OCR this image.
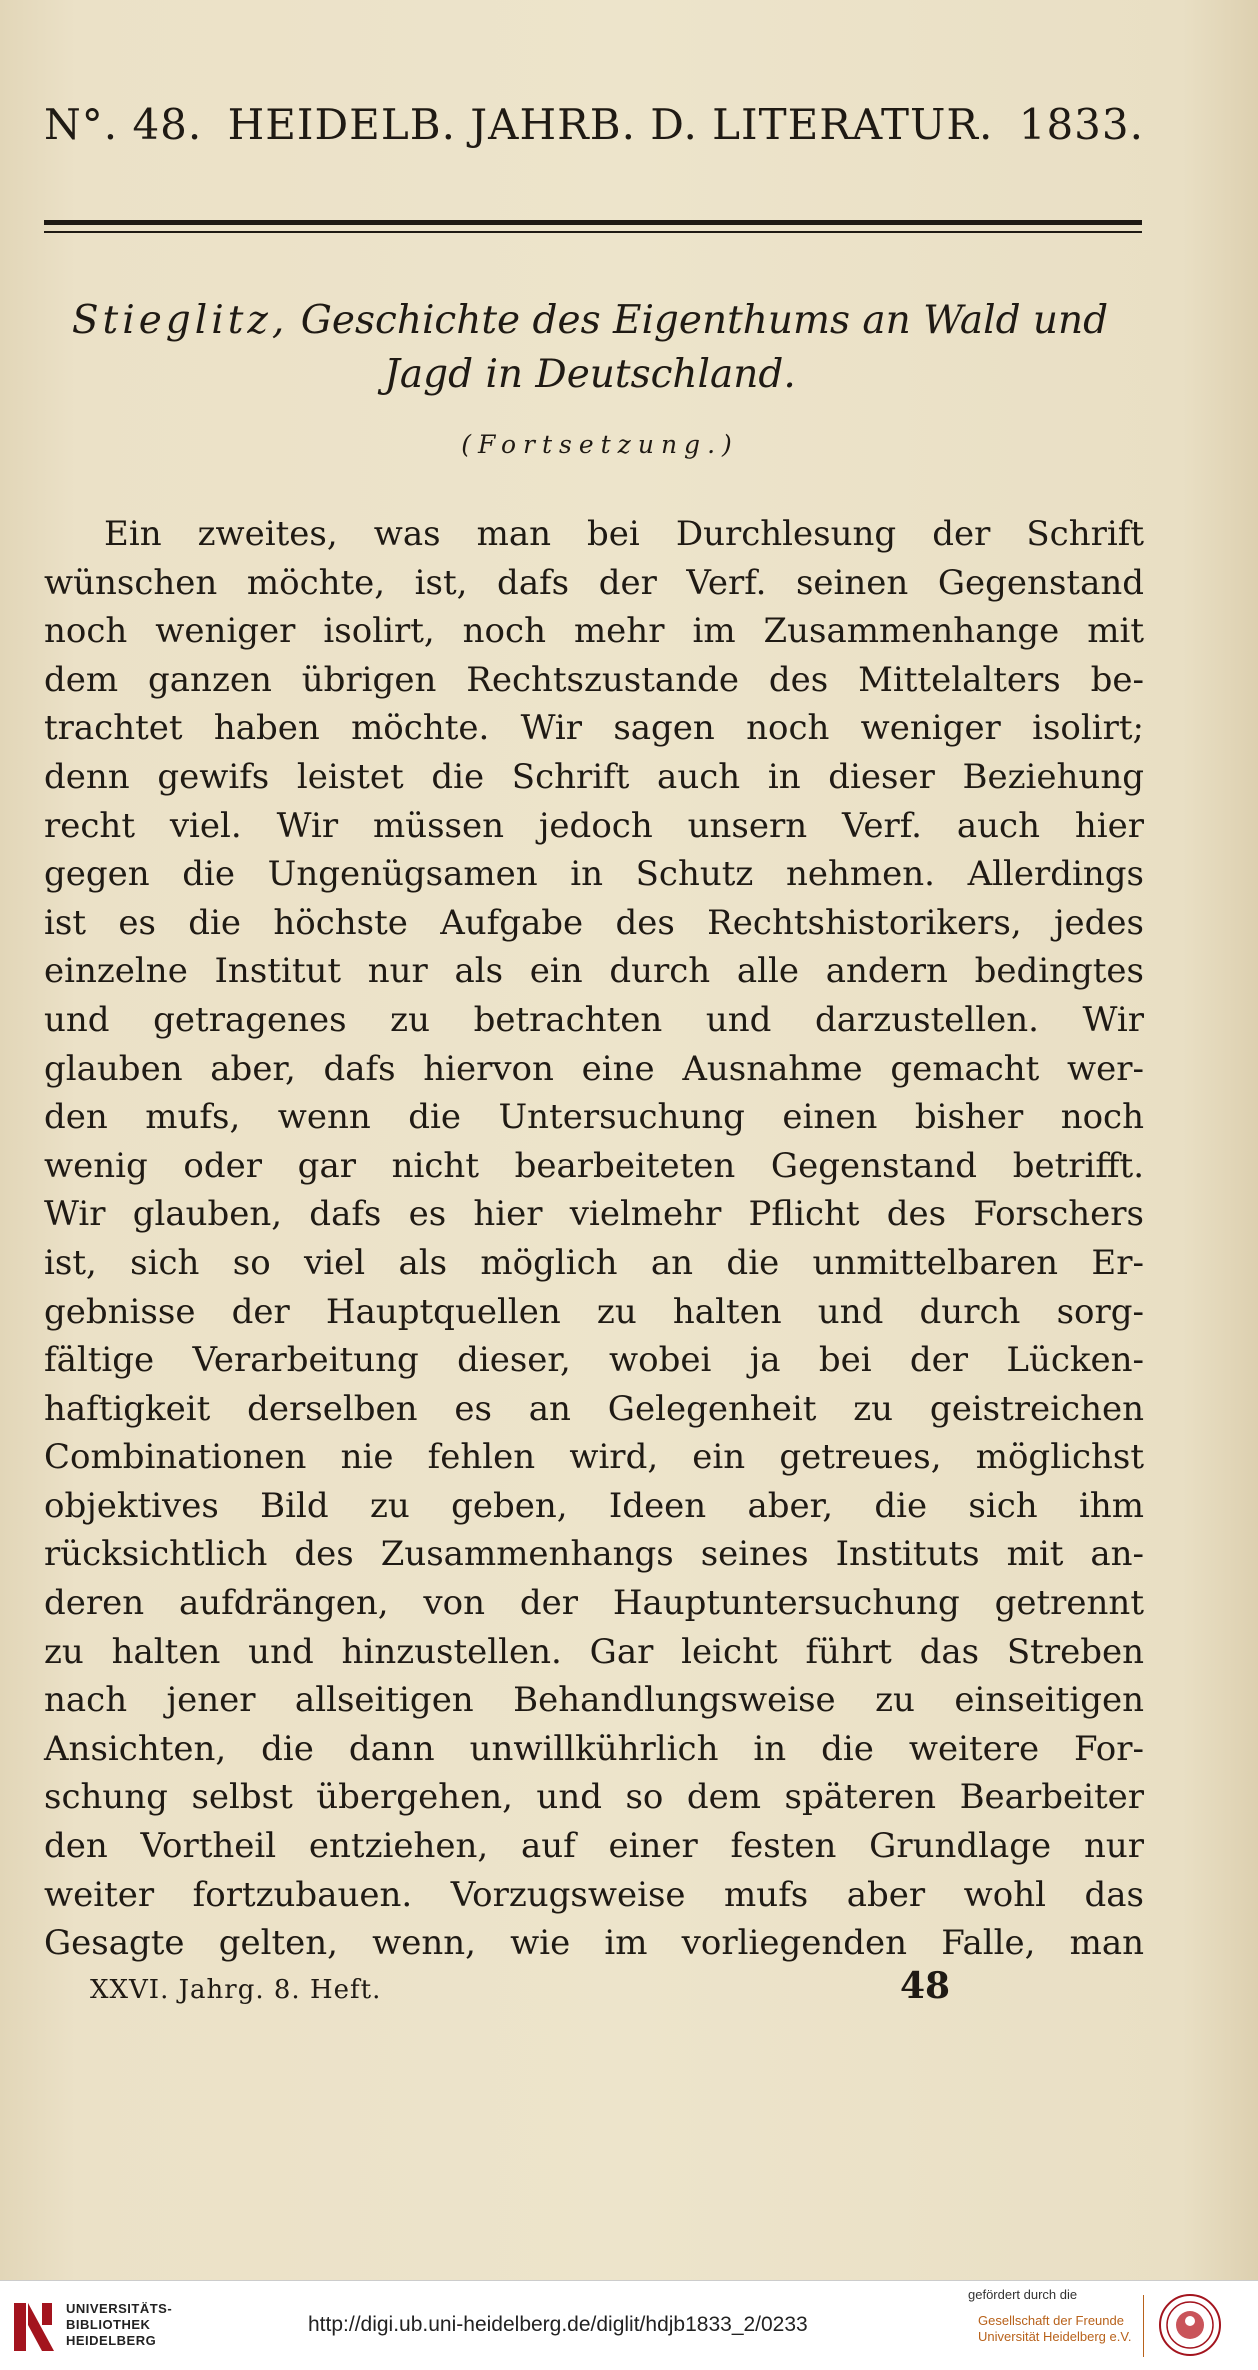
N°. 48. HEIDELB. JAHRB. D. LITERATUR. 1833.
Stieglitz, Geschichte des Eigenthums an Wald und
Jagd in Deutschland.
(Fortsetzung.)
Ein zweites, was man bei Durchlesung der Schrift
wünschen möchte, ist, dafs der Verf. seinen Gegenstand
noch weniger isolirt, noch mehr im Zusammenhange mit
dem ganzen übrigen Rechtszustande des Mittelalters be-
trachtet haben möchte. Wir sagen noch weniger isolirt;
denn gewifs leistet die Schrift auch in dieser Beziehung
recht viel. Wir müssen jedoch unsern Verf. auch hier
gegen die Ungenügsamen in Schutz nehmen. Allerdings
ist es die höchste Aufgabe des Rechtshistorikers, jedes
einzelne Institut nur als ein durch alle andern bedingtes
und getragenes zu betrachten und darzustellen. Wir
glauben aber, dafs hiervon eine Ausnahme gemacht wer-
den mufs, wenn die Untersuchung einen bisher noch
wenig oder gar nicht bearbeiteten Gegenstand betrifft.
Wir glauben, dafs es hier vielmehr Pflicht des Forschers
ist, sich so viel als möglich an die unmittelbaren Er-
gebnisse der Hauptquellen zu halten und durch sorg-
fältige Verarbeitung dieser, wobei ja bei der Lücken-
haftigkeit derselben es an Gelegenheit zu geistreichen
Combinationen nie fehlen wird, ein getreues, möglichst
objektives Bild zu geben, Ideen aber, die sich ihm
rücksichtlich des Zusammenhangs seines Instituts mit an-
deren aufdrängen, von der Hauptuntersuchung getrennt
zu halten und hinzustellen. Gar leicht führt das Streben
nach jener allseitigen Behandlungsweise zu einseitigen
Ansichten, die dann unwillkührlich in die weitere For-
schung selbst übergehen, und so dem späteren Bearbeiter
den Vortheil entziehen, auf einer festen Grundlage nur
weiter fortzubauen. Vorzugsweise mufs aber wohl das
Gesagte gelten, wenn, wie im vorliegenden Falle, man
XXVI. Jahrg. 8. Heft.	48
UNIVERSITÄTS-
BIBLIOTHEK
HEIDELBERG
http://digi.ub.uni-heidelberg.de/diglit/hdjb1833_2/0233
gefördert durch die
Gesellschaft der Freunde
Universität Heidelberg e.V.
